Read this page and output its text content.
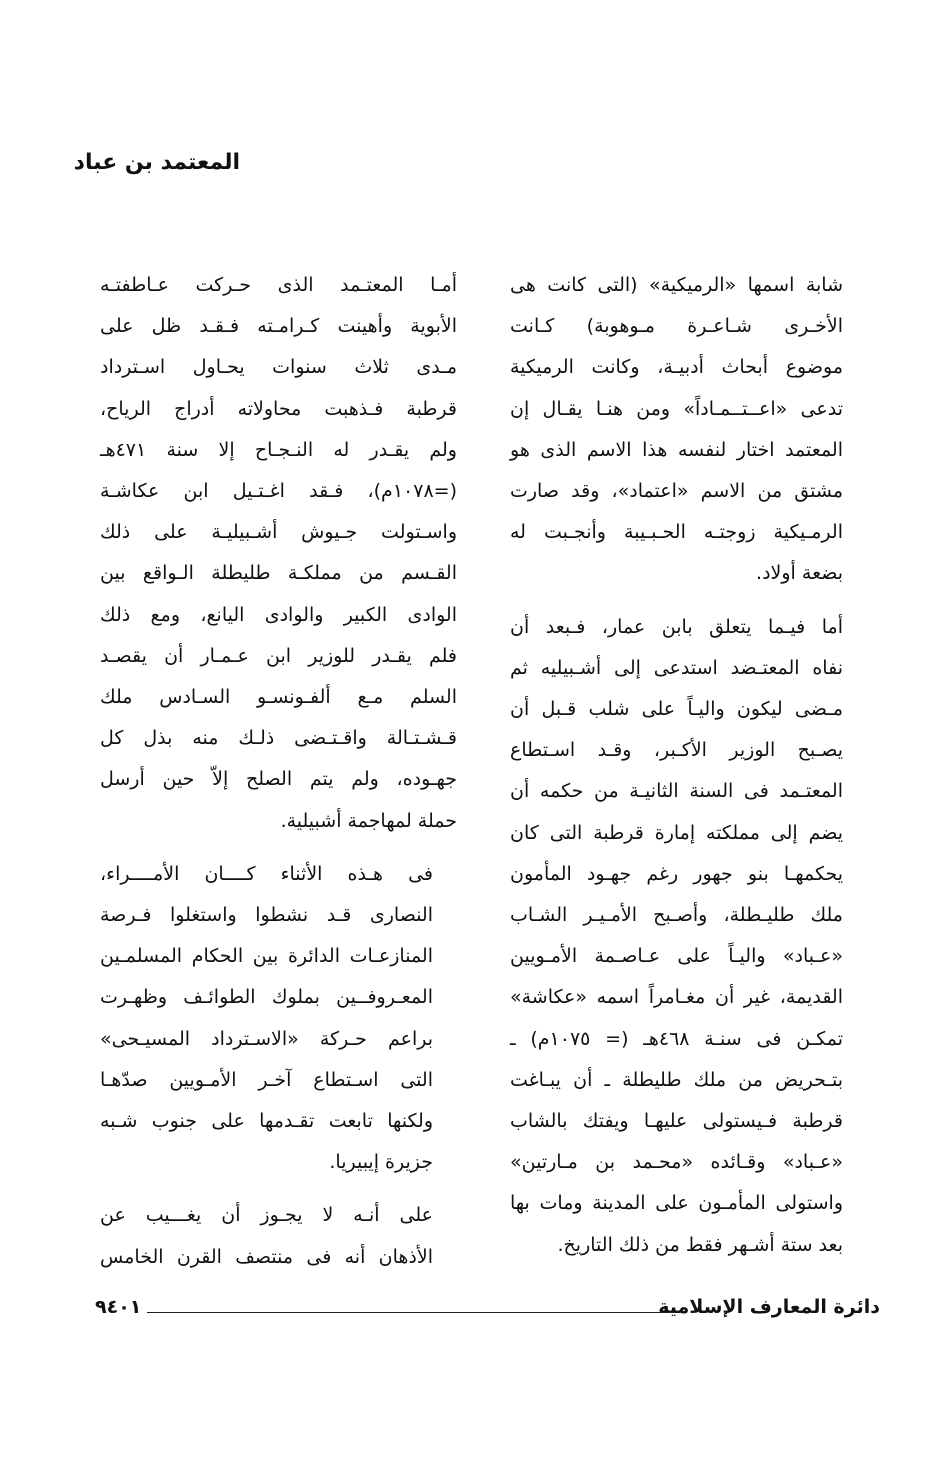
المعتمد بن عباد

شابة اسمها «الرميكية» (التى كانت هى
الأخـرى شـاعـرة مـوهوبة) كـانت
موضوع أبحاث أدبيـة، وكانت الرميكية
تدعى «اعــتــمـاداً» ومن هنـا يقـال إن
المعتمد اختار لنفسه هذا الاسم الذى هو
مشتق من الاسم «اعتماد»، وقد صارت
الرمـيكية زوجتـه الحـبـيبة وأنجـبت له
بضعة أولاد.

أما فيـما يتعلق بابن عمار، فـبعد أن
نفاه المعتـضد استدعى إلى أشـبيليه ثم
مـضى ليكون واليـاً على شلب قـبل أن
يصـبح الوزير الأكـبر، وقـد اسـتطاع
المعتـمد فى السنة الثانيـة من حكمه أن
يضم إلى مملكته إمارة قرطبة التى كان
يحكمهـا بنو جهور رغم جهـود المأمون
ملك طليـطلة، وأصـبح الأمـيـر الشـاب
«عـباد» واليـاً على عـاصـمة الأمـويين
القديمة، غير أن مغـامراً اسمه «عكاشة»
تمكـن فى سنـة ٤٦٨هـ (= ١٠٧٥م) ـ
بتـحريض من ملك طليطلة ـ أن يبـاغت
قرطبة فـيستولى عليهـا ويفتك بالشاب
«عـباد» وقـائده «محـمد بن مـارتين»
واستولى المأمـون على المدينة ومات بها
بعد ستة أشـهر فقط من ذلك التاريخ.

أمـا المعتـمد الذى حـركت عـاطفتـه
الأبوية وأهينت كـرامـته فـقـد ظل على
مـدى ثلاث سنوات يحـاول اسـترداد
قرطبة فـذهبت محاولاته أدراج الرياح،
ولم يقـدر له النـجـاح إلا سنة ٤٧١هـ
(=١٠٧٨م)، فـقد اغـتـيل ابن عكاشـة
واسـتولت جـيوش أشـبيليـة على ذلك
القـسم من مملكـة طليطلة الـواقع بين
الوادى الكبير والوادى اليانع، ومع ذلك
فلم يقـدر للوزير ابن عـمـار أن يقصـد
السلم مـع ألفـونسـو السـادس ملك
قـشـتـالة واقـتـضى ذلـك منه بذل كل
جهـوده، ولم يتم الصلح إلاّ حين أرسل
حملة لمهاجمة أشبيلية.

فى هـذه الأثناء كــــان الأمــــراء،
النصارى قـد نشطوا واستغلوا فـرصة
المنازعـات الدائرة بين الحكام المسلمـين
المعـروفــين بملوك الطوائـف وظهـرت
براعم حـركة «الاسـترداد المسيـحى»
التى اسـتطاع آخـر الأمـويين صدّهـا
ولكنها تابعت تقـدمها على جنوب شـبه
جزيرة إيبيريا.

على أنـه لا يجـوز أن يغـــيب عن
الأذهان أنه فى منتصف القرن الخامس

دائرة المعارف الإسلامية
٩٤٠١
